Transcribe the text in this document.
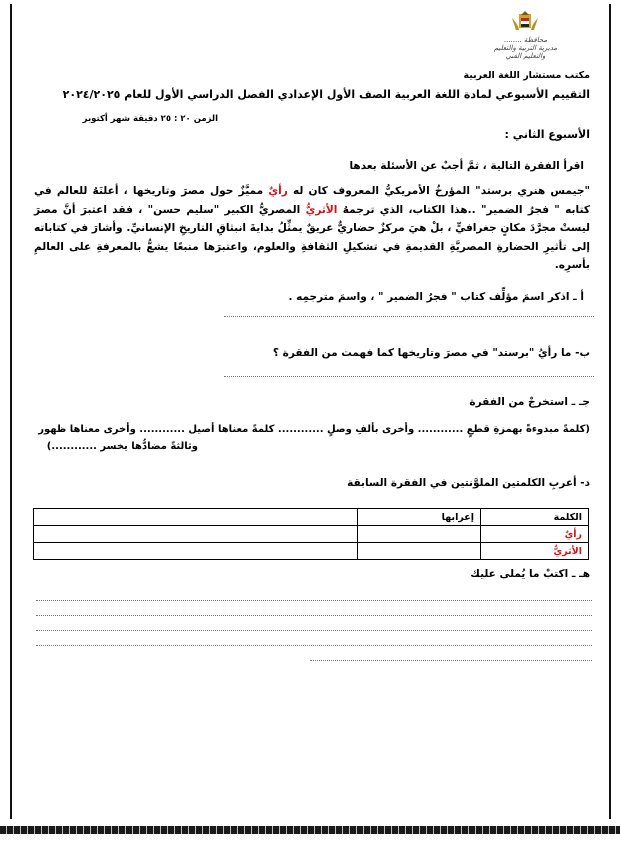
محافظة ........
مديرية التربية والتعليم
والتعليم الفني
مكتب مستشار اللغة العربية
التقييم الأسبوعي لمادة اللغة العربية الصف الأول الإعدادي الفصل الدراسي الأول للعام ٢٠٢٤/٢٠٢٥
الزمن ٢٠ : ٢٥ دقيقة شهر أكتوبر
الأسبوع الثاني :
اقرأ الفقرة التالية ، ثمَّ أجبْ عن الأسئلة بعدها
"جيمس هنري برستد" المؤرخُ الأمريكيُّ المعروف كان له رأيٌ مميَّزٌ حول مصرَ وتاريخها ، أعلنَهُ للعالم في كتابه " فجرُ الضمير" ..هذا الكتاب، الذي ترجمهُ الأثريُّ المصريُّ الكبير "سليم حسن" ، فقد اعتبرَ أنَّ مصرَ ليستْ مجرَّدَ مكانٍ جغرافيٍّ ، بلْ هيَ مركزٌ حضاريٌّ عريقٌ يمثِّلُ بدايةَ انبثاقِ التاريخِ الإنسانيِّ. وأشارَ في كتاباته إلى تأثيرِ الحضارةِ المصريَّةِ القديمةِ في تشكيلِ الثقافةِ والعلوم، واعتبرَها منبعًا يشعُّ بالمعرفةِ على العالمِ بأسرِه.
أ ـ اذكر اسمَ مؤلِّف كتاب " فجرُ الضمير " ، واسمَ مترجمِه .
ب- ما رأيُ "برستد" في مصرَ وتاريخها كما فهمت من الفقرة ؟
جـ ـ استخرجْ من الفقرة
(كلمةً مبدوءةً بهمزةِ قطعٍ ............ وأخرى بألفِ وصلٍ ............ كلمةً معناها أصيل ............ وأخرى معناها ظهور
وثالثةً مضادُّها يخسر ............)
د- أعربِ الكلمتين الملوَّنتين في الفقرة السابقة
الكلمة	إعرابها	
رأيٌ		
الأثريُّ		
هـ ـ اكتبْ ما يُملى عليك
